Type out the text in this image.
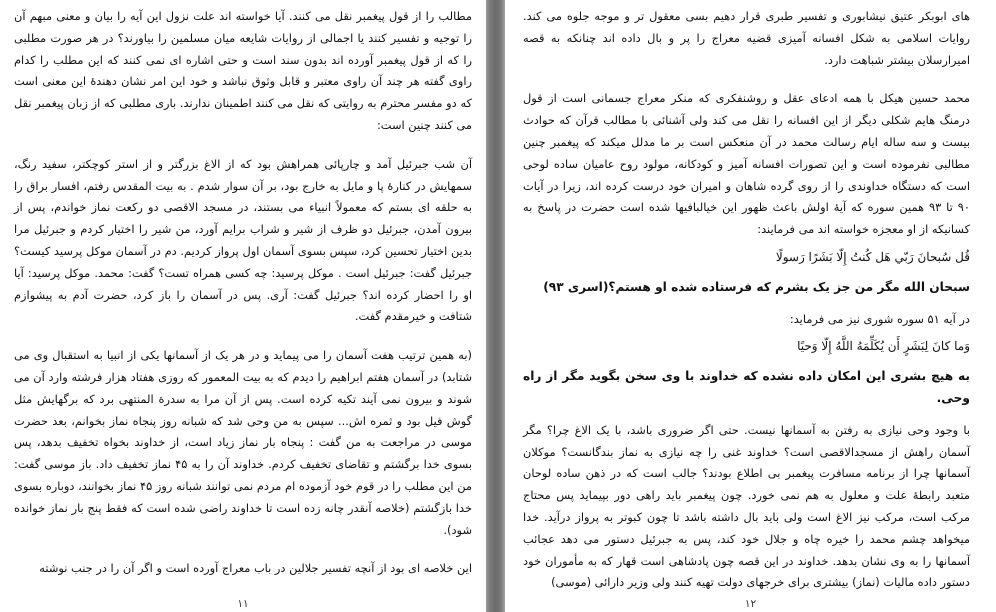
مطالب را از قول پیغمبر نقل می کنند. آیا خواسته اند علت نزول این آیه را بیان و معنی مبهم آن را توجیه و تفسیر کنند یا اجمالی از روایات شایعه میان مسلمین را بیاورند؟ در هر صورت مطلبی را که از قول پیغمبر آورده اند بدون سند است و حتی اشاره ای نمی کنند که این مطلب را کدام راوی گفته هر چند آن راوی معتبر و قابل وثوق نباشد و خود این امر نشان دهندهٔ این معنی است که دو مفسر محترم به روایتی که نقل می کنند اطمینان ندارند. باری مطلبی که از زبان پیغمبر نقل می کنند چنین است:

آن شب جبرئیل آمد و چارپائی همراهش بود که از الاغ بزرگتر و از استر کوچکتر، سفید رنگ، سمهایش در کنارهٔ پا و مایل به خارج بود، بر آن سوار شدم . به بیت المقدس رفتم، افسار براق را به حلقه ای بستم که معمولاً انبیاء می بستند، در مسجد الاقصی دو رکعت نماز خواندم، پس از بیرون آمدن، جبرئیل دو ظرف از شیر و شراب برایم آورد، من شیر را اختیار کردم و جبرئیل مرا بدین اختیار تحسین کرد، سپس بسوی آسمان اول پرواز کردیم. دم در آسمان موکل پرسید کیست؟ جبرئیل گفت: جبرئیل است . موکل پرسید: چه کسی همراه تست؟ گفت: محمد. موکل پرسید: آیا او را احضار کرده اند؟ جبرئیل گفت: آری. پس در آسمان را باز کرد، حضرت آدم به پیشوازم شتافت و خیرمقدم گفت.

(به همین ترتیب هفت آسمان را می پیماید و در هر یک از آسمانها یکی از انبیا به استقبال وی می شتابد) در آسمان هفتم ابراهیم را دیدم که به بیت المعمور که روزی هفتاد هزار فرشته وارد آن می شوند و بیرون نمی آیند تکیه کرده است. پس از آن مرا به سدرة المنتهی برد که برگهایش مثل گوش فیل بود و ثمره اش... سپس به من وحی شد که شبانه روز پنجاه نماز بخوانم، بعد حضرت موسی در مراجعت به من گفت : پنجاه بار نماز زیاد است، از خداوند بخواه تخفیف بدهد، پس بسوی خدا برگشتم و تقاضای تخفیف کردم. خداوند آن را به ۴۵ نماز تخفیف داد. باز موسی گفت: من این مطلب را در قوم خود آزموده ام مردم نمی توانند شبانه روز ۴۵ نماز بخوانند، دوباره بسوی خدا بازگشتم (خلاصه آنقدر چانه زده است تا خداوند راضی شده است که فقط پنج بار نماز خوانده شود).

این خلاصه ای بود از آنچه تفسیر جلالین در باب معراج آورده است و اگر آن را در جنب نوشته

۱۱

های ابوبکر عتیق نیشابوری و تفسیر طبری قرار دهیم بسی معقول تر و موجه جلوه می کند. روایات اسلامی به شکل افسانه آمیزی قضیه معراج را پر و بال داده اند چنانکه به قصه امیرارسلان بیشتر شباهت دارد.

محمد حسین هیکل با همه ادعای عقل و روشنفکری که منکر معراج جسمانی است از قول درمنگ هایم شکلی دیگر از این افسانه را نقل می کند ولی آشنائی با مطالب قرآن که حوادث بیست و سه ساله ایام رسالت محمد در آن منعکس است بر ما مدلل میکند که پیغمبر چنین مطالبی نفرموده است و این تصورات افسانه آمیز و کودکانه، مولود روح عامیان ساده لوحی است که دستگاه خداوندی را از روی گرده شاهان و امیران خود درست کرده اند، زیرا در آیات ۹۰ تا ۹۳ همین سوره که آیهٔ اولش باعث ظهور این خیالبافیها شده است حضرت در پاسخ به کسانیکه از او معجزه خواسته اند می فرمایند:

قُل سُبحانَ رَبّي هَل كُنتُ إِلّا بَشَرًا رَسولًا

سبحان الله مگر من جز یک بشرم که فرستاده شده او هستم؟(اسری ۹۳)

در آیه ۵۱ سوره شوری نیز می فرماید:

وَما كانَ لِبَشَرٍ أَن يُكَلِّمَهُ اللَّهُ إِلّا وَحيًا

به هیچ بشری این امکان داده نشده که خداوند با وی سخن بگوید مگر از راه وحی.

با وجود وحی نیازی به رفتن به آسمانها نیست. حتی اگر ضروری باشد، با یک الاغ چرا؟ مگر آسمان راهش از مسجدالاقصی است؟ خداوند غنی را چه نیازی به نماز بندگانست؟ موکلان آسمانها چرا از برنامه مسافرت پیغمبر بی اطلاع بودند؟ جالب است که در ذهن ساده لوحان متعبد رابطهٔ علت و معلول به هم نمی خورد. چون پیغمبر باید راهی دور بپیماید پس محتاج مرکب است، مرکب نیز الاغ است ولی باید بال داشته باشد تا چون کبوتر به پرواز درآید. خدا میخواهد چشم محمد را خیره چاه و جلال خود کند، پس به جبرئیل دستور می دهد عجائب آسمانها را به وی نشان بدهد. خداوند در این قصه چون پادشاهی است قهار که به مأموران خود دستور داده مالیات (نماز) بیشتری برای خرجهای دولت تهیه کنند ولی وزیر دارائی (موسی)

۱۲
